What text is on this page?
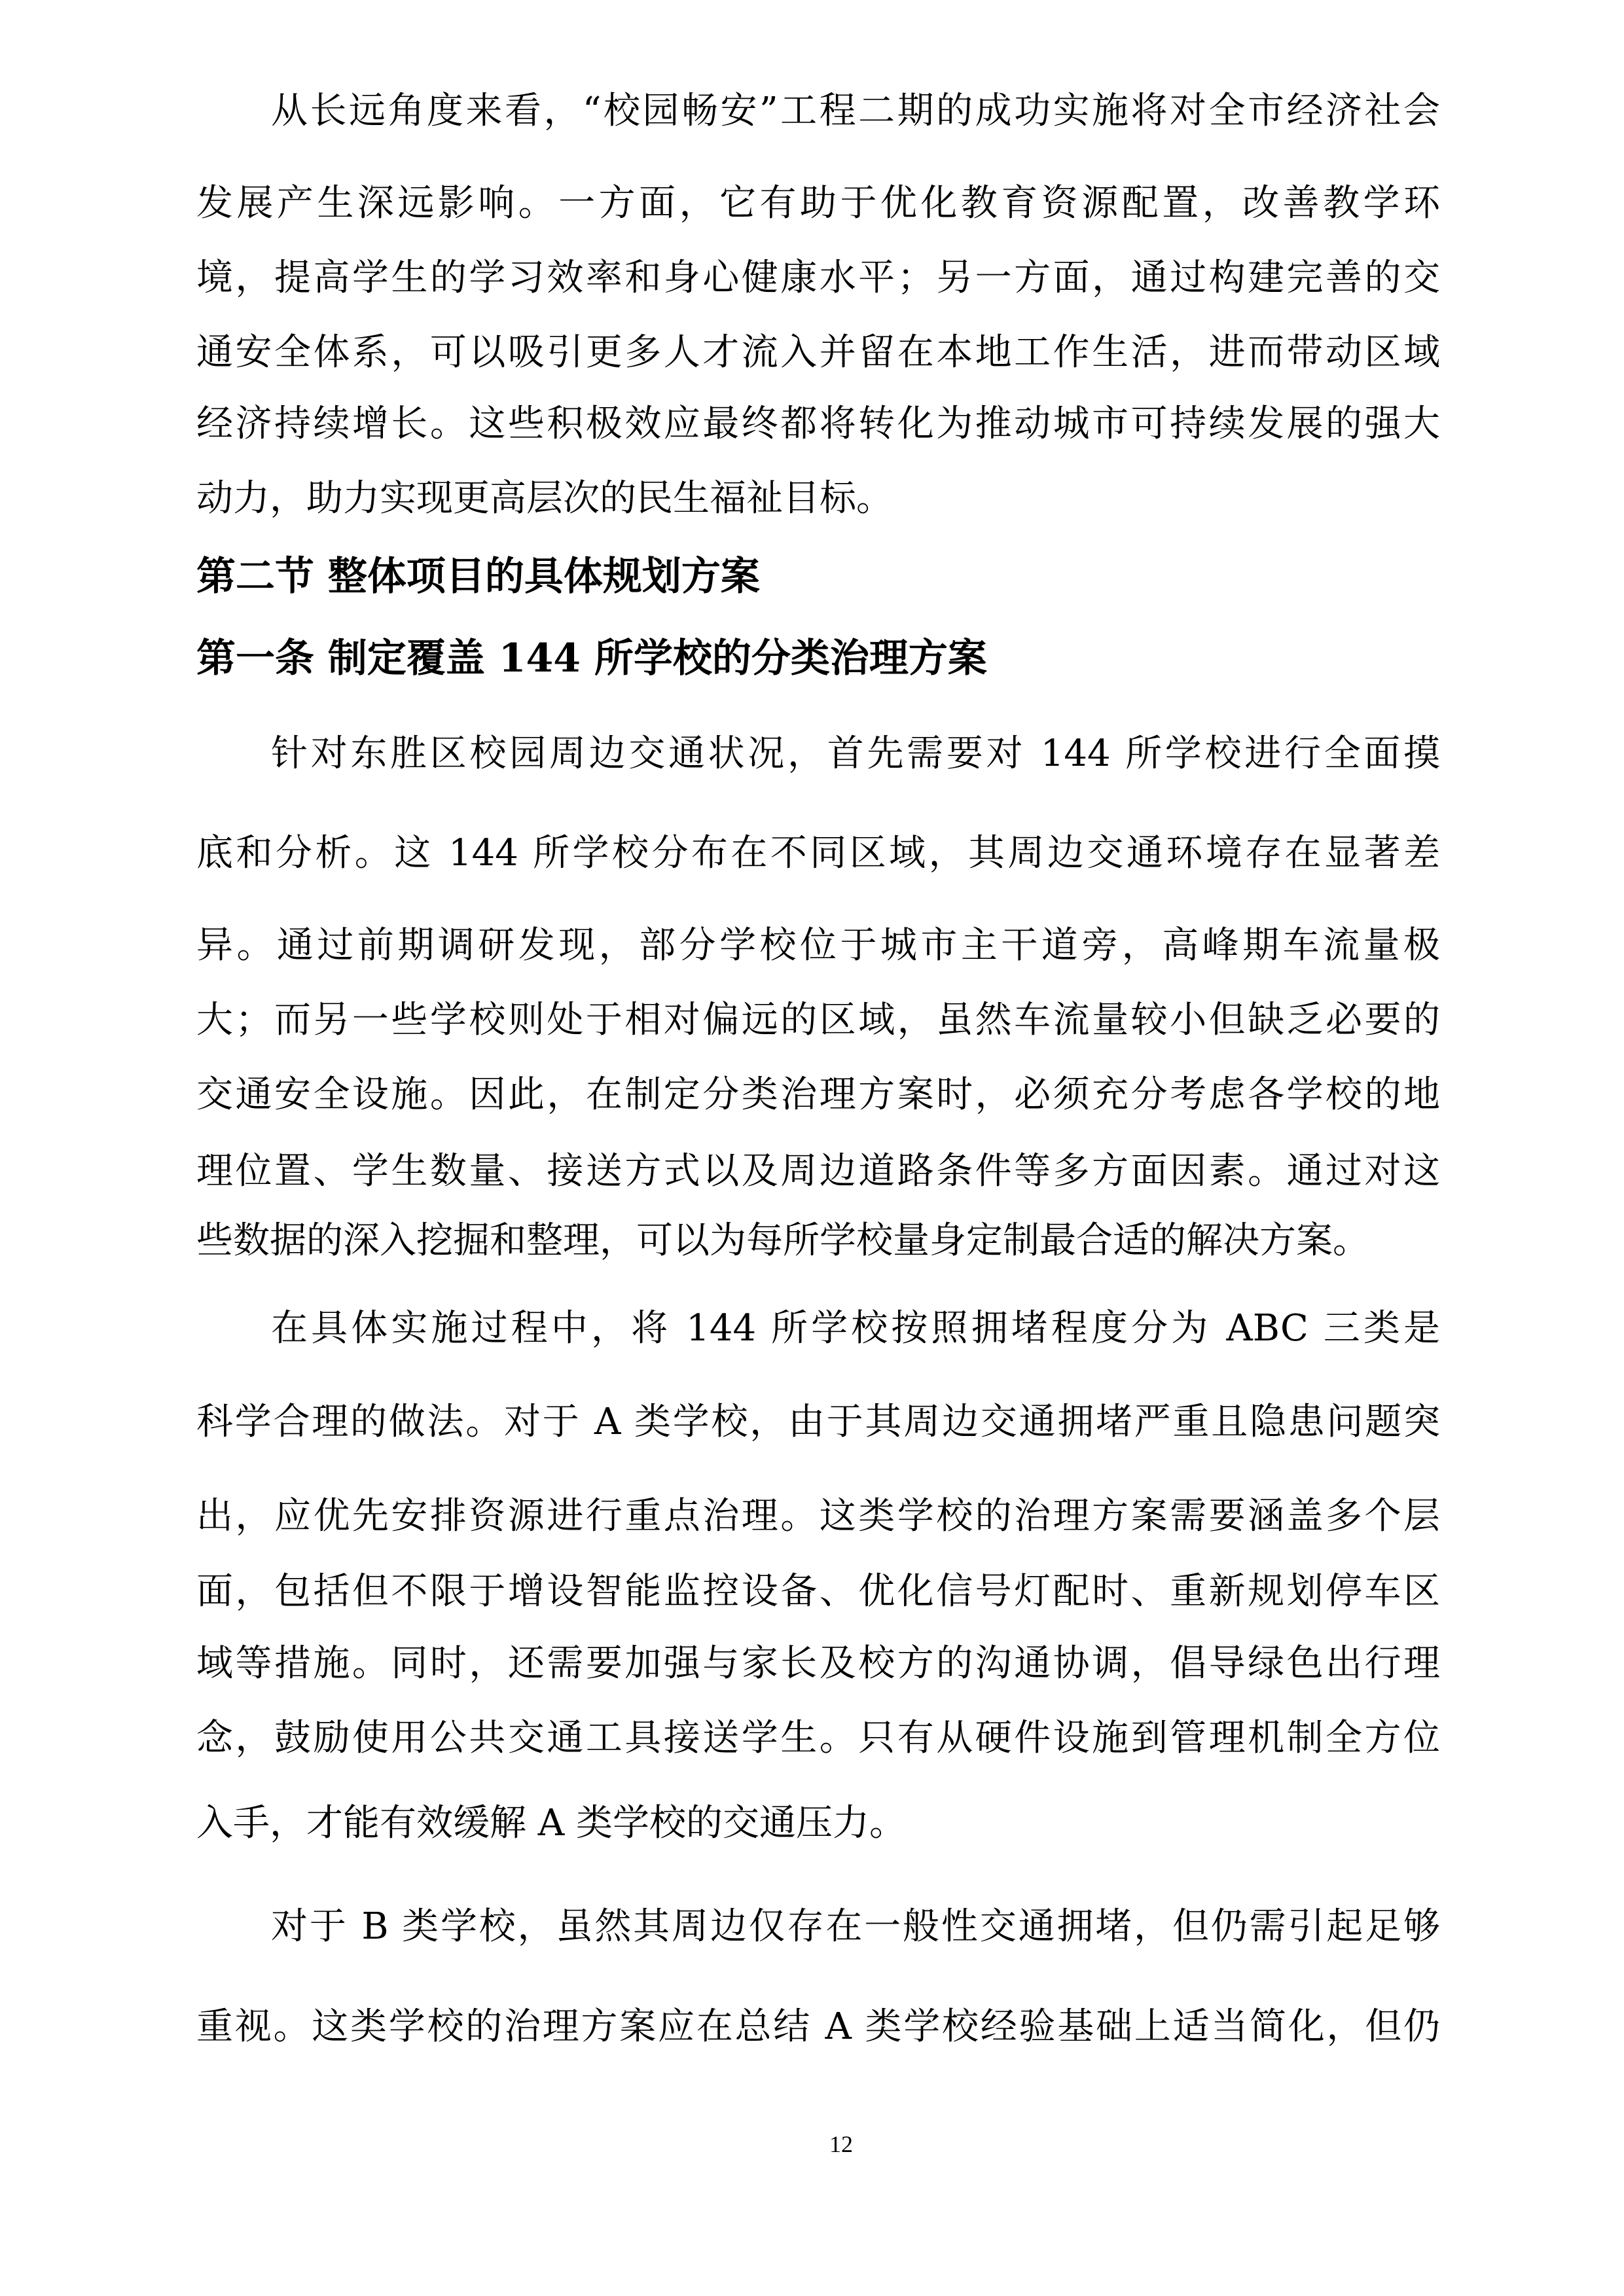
从长远角度来看，“校园畅安”工程二期的成功实施将对全市经济社会
发展产生深远影响。一方面，它有助于优化教育资源配置，改善教学环
境，提高学生的学习效率和身心健康水平；另一方面，通过构建完善的交
通安全体系，可以吸引更多人才流入并留在本地工作生活，进而带动区域
经济持续增长。这些积极效应最终都将转化为推动城市可持续发展的强大
动力，助力实现更高层次的民生福祉目标。
第二节 整体项目的具体规划方案
第一条 制定覆盖 144 所学校的分类治理方案
针对东胜区校园周边交通状况，首先需要对 144 所学校进行全面摸
底和分析。这 144 所学校分布在不同区域，其周边交通环境存在显著差
异。通过前期调研发现，部分学校位于城市主干道旁，高峰期车流量极
大；而另一些学校则处于相对偏远的区域，虽然车流量较小但缺乏必要的
交通安全设施。因此，在制定分类治理方案时，必须充分考虑各学校的地
理位置、学生数量、接送方式以及周边道路条件等多方面因素。通过对这
些数据的深入挖掘和整理，可以为每所学校量身定制最合适的解决方案。
在具体实施过程中，将 144 所学校按照拥堵程度分为 ABC 三类是
科学合理的做法。对于 A 类学校，由于其周边交通拥堵严重且隐患问题突
出，应优先安排资源进行重点治理。这类学校的治理方案需要涵盖多个层
面，包括但不限于增设智能监控设备、优化信号灯配时、重新规划停车区
域等措施。同时，还需要加强与家长及校方的沟通协调，倡导绿色出行理
念，鼓励使用公共交通工具接送学生。只有从硬件设施到管理机制全方位
入手，才能有效缓解 A 类学校的交通压力。
对于 B 类学校，虽然其周边仅存在一般性交通拥堵，但仍需引起足够
重视。这类学校的治理方案应在总结 A 类学校经验基础上适当简化，但仍
12
